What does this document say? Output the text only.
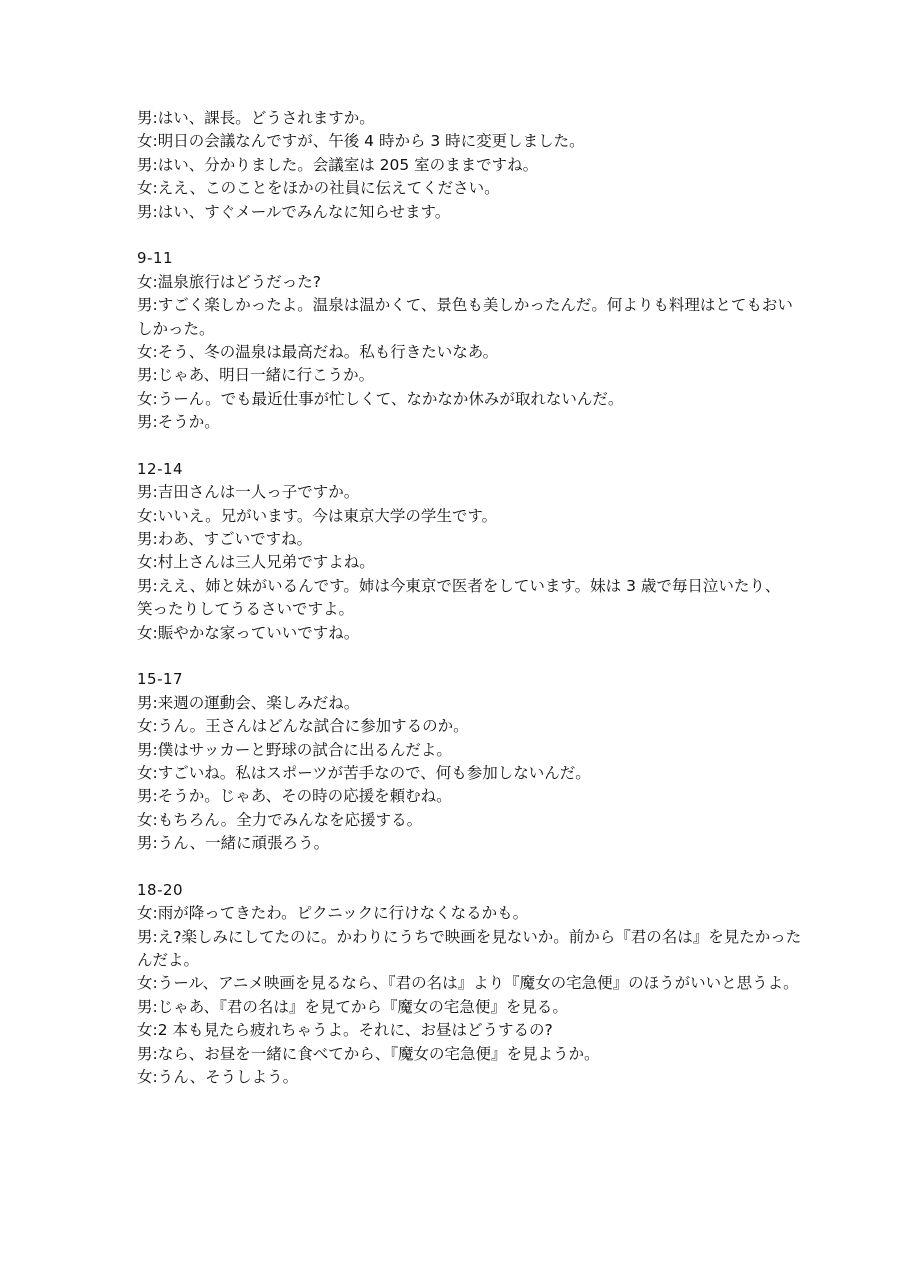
男:はい、課長。どうされますか。
女:明日の会議なんですが、午後 4 時から 3 時に変更しました。
男:はい、分かりました。会議室は 205 室のままですね。
女:ええ、このことをほかの社員に伝えてください。
男:はい、すぐメールでみんなに知らせます。
9-11
女:温泉旅行はどうだった?
男:すごく楽しかったよ。温泉は温かくて、景色も美しかったんだ。何よりも料理はとてもおい
しかった。
女:そう、冬の温泉は最高だね。私も行きたいなあ。
男:じゃあ、明日一緒に行こうか。
女:うーん。でも最近仕事が忙しくて、なかなか休みが取れないんだ。
男:そうか。
12-14
男:吉田さんは一人っ子ですか。
女:いいえ。兄がいます。今は東京大学の学生です。
男:わあ、すごいですね。
女:村上さんは三人兄弟ですよね。
男:ええ、姉と妹がいるんです。姉は今東京で医者をしています。妹は 3 歳で毎日泣いたり、
笑ったりしてうるさいですよ。
女:賑やかな家っていいですね。
15-17
男:来週の運動会、楽しみだね。
女:うん。王さんはどんな試合に参加するのか。
男:僕はサッカーと野球の試合に出るんだよ。
女:すごいね。私はスポーツが苦手なので、何も参加しないんだ。
男:そうか。じゃあ、その時の応援を頼むね。
女:もちろん。全力でみんなを応援する。
男:うん、一緒に頑張ろう。
18-20
女:雨が降ってきたわ。ピクニックに行けなくなるかも。
男:え?楽しみにしてたのに。かわりにうちで映画を見ないか。前から『君の名は』を見たかった
んだよ。
女:うール、アニメ映画を見るなら、『君の名は』より『魔女の宅急便』のほうがいいと思うよ。
男:じゃあ、『君の名は』を見てから『魔女の宅急便』を見る。
女:2 本も見たら疲れちゃうよ。それに、お昼はどうするの?
男:なら、お昼を一緒に食べてから、『魔女の宅急便』を見ようか。
女:うん、そうしよう。
